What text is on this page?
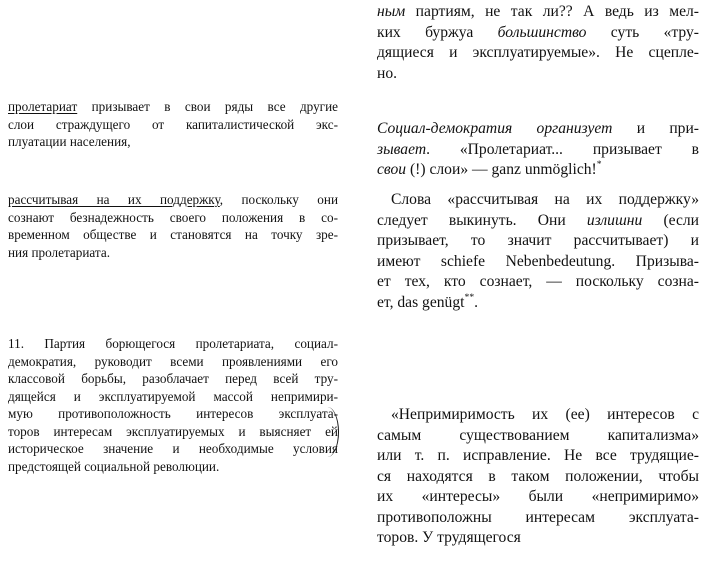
пролетариат призывает в свои ряды все другие
слои страждущего от капиталистической экс-
плуатации населения,
рассчитывая на их поддержку, поскольку они
сознают безнадежность своего положения в со-
временном обществе и становятся на точку зре-
ния пролетариата.
11. Партия борющегося пролетариата, социал-
демократия, руководит всеми проявлениями его
классовой борьбы, разоблачает перед всей тру-
дящейся и эксплуатируемой массой непримири-
мую противоположность интересов эксплуата-
торов интересам эксплуатируемых и выясняет ей
историческое значение и необходимые условия
предстоящей социальной революции.
ным партиям, не так ли?? А ведь из мел-
ких буржуа большинство суть «тру-
дящиеся и эксплуатируемые». Не сцепле-
но.
Социал-демократия организует и при-
зывает. «Пролетариат... призывает в
свои (!) слои» — ganz unmöglich!*
Слова «рассчитывая на их поддержку»
следует выкинуть. Они излишни (если
призывает, то значит рассчитывает) и
имеют schiefe Nebenbedeutung. Призыва-
ет тех, кто сознает, — поскольку созна-
ет, das genügt**.
«Непримиримость их (ее) интересов с
самым существованием капитализма»
или т. п. исправление. Не все трудящие-
ся находятся в таком положении, чтобы
их «интересы» были «непримиримо»
противоположны интересам эксплуата-
торов. У трудящегося
